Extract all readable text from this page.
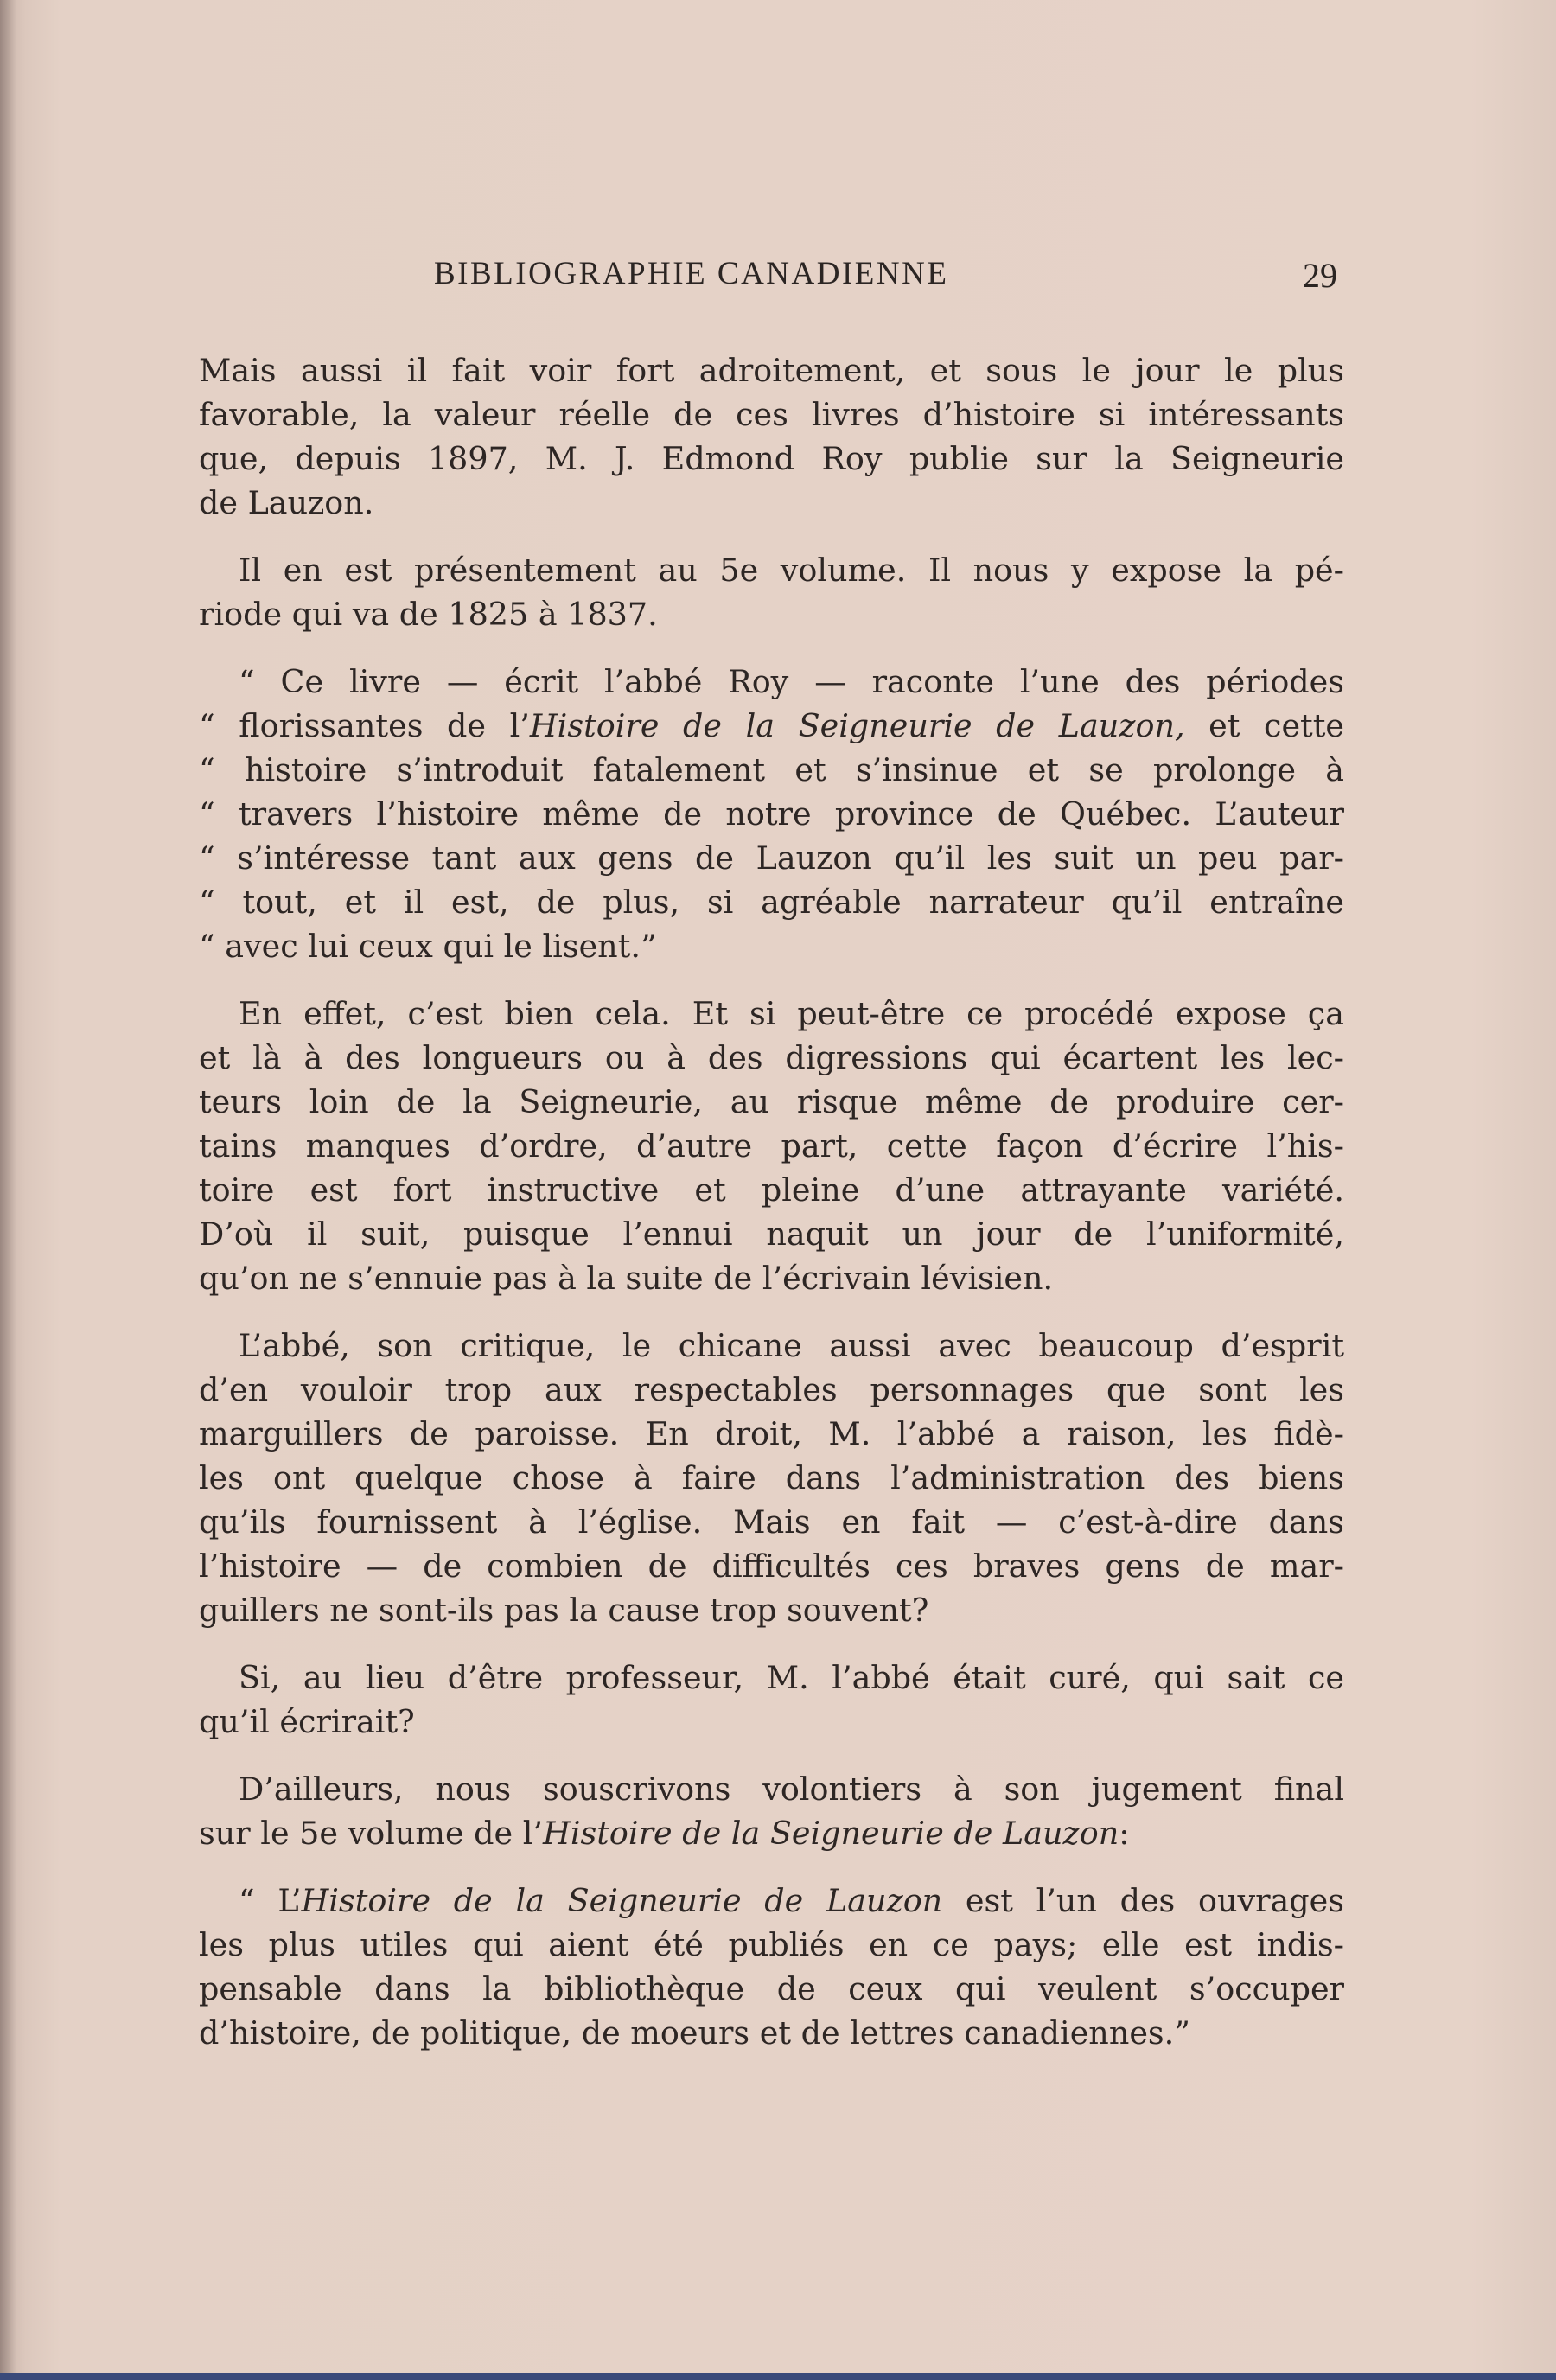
BIBLIOGRAPHIE CANADIENNE	29

Mais aussi il fait voir fort adroitement, et sous le jour le plus
favorable, la valeur réelle de ces livres d’histoire si intéressants
que, depuis 1897, M. J. Edmond Roy publie sur la Seigneurie
de Lauzon.

Il en est présentement au 5e volume. Il nous y expose la pé-
riode qui va de 1825 à 1837.

“ Ce livre — écrit l’abbé Roy — raconte l’une des périodes
“ florissantes de l’Histoire de la Seigneurie de Lauzon, et cette
“ histoire s’introduit fatalement et s’insinue et se prolonge à
“ travers l’histoire même de notre province de Québec. L’auteur
“ s’intéresse tant aux gens de Lauzon qu’il les suit un peu par-
“ tout, et il est, de plus, si agréable narrateur qu’il entraîne
“ avec lui ceux qui le lisent.”

En effet, c’est bien cela. Et si peut-être ce procédé expose ça
et là à des longueurs ou à des digressions qui écartent les lec-
teurs loin de la Seigneurie, au risque même de produire cer-
tains manques d’ordre, d’autre part, cette façon d’écrire l’his-
toire est fort instructive et pleine d’une attrayante variété.
D’où il suit, puisque l’ennui naquit un jour de l’uniformité,
qu’on ne s’ennuie pas à la suite de l’écrivain lévisien.

L’abbé, son critique, le chicane aussi avec beaucoup d’esprit
d’en vouloir trop aux respectables personnages que sont les
marguillers de paroisse. En droit, M. l’abbé a raison, les fidè-
les ont quelque chose à faire dans l’administration des biens
qu’ils fournissent à l’église. Mais en fait — c’est-à-dire dans
l’histoire — de combien de difficultés ces braves gens de mar-
guillers ne sont-ils pas la cause trop souvent?

Si, au lieu d’être professeur, M. l’abbé était curé, qui sait ce
qu’il écrirait?

D’ailleurs, nous souscrivons volontiers à son jugement final
sur le 5e volume de l’Histoire de la Seigneurie de Lauzon:

“ L’Histoire de la Seigneurie de Lauzon est l’un des ouvrages
les plus utiles qui aient été publiés en ce pays; elle est indis-
pensable dans la bibliothèque de ceux qui veulent s’occuper
d’histoire, de politique, de moeurs et de lettres canadiennes.”
